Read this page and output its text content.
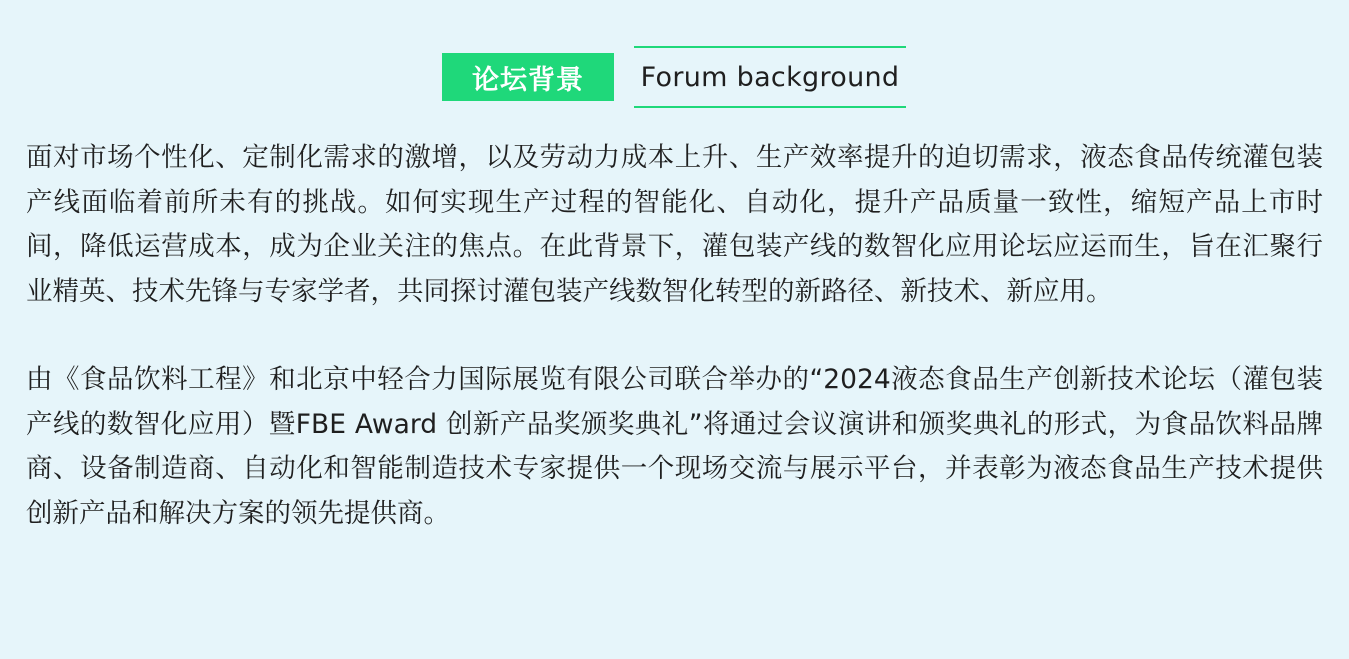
论坛背景	Forum background

面对市场个性化、定制化需求的激增，以及劳动力成本上升、生产效率提升的迫切需求，液态食品传统灌包装产线面临着前所未有的挑战。如何实现生产过程的智能化、自动化，提升产品质量一致性，缩短产品上市时间，降低运营成本，成为企业关注的焦点。在此背景下，灌包装产线的数智化应用论坛应运而生，旨在汇聚行业精英、技术先锋与专家学者，共同探讨灌包装产线数智化转型的新路径、新技术、新应用。

由《食品饮料工程》和北京中轻合力国际展览有限公司联合举办的“2024液态食品生产创新技术论坛（灌包装产线的数智化应用）暨FBE Award 创新产品奖颁奖典礼”将通过会议演讲和颁奖典礼的形式，为食品饮料品牌商、设备制造商、自动化和智能制造技术专家提供一个现场交流与展示平台，并表彰为液态食品生产技术提供创新产品和解决方案的领先提供商。
